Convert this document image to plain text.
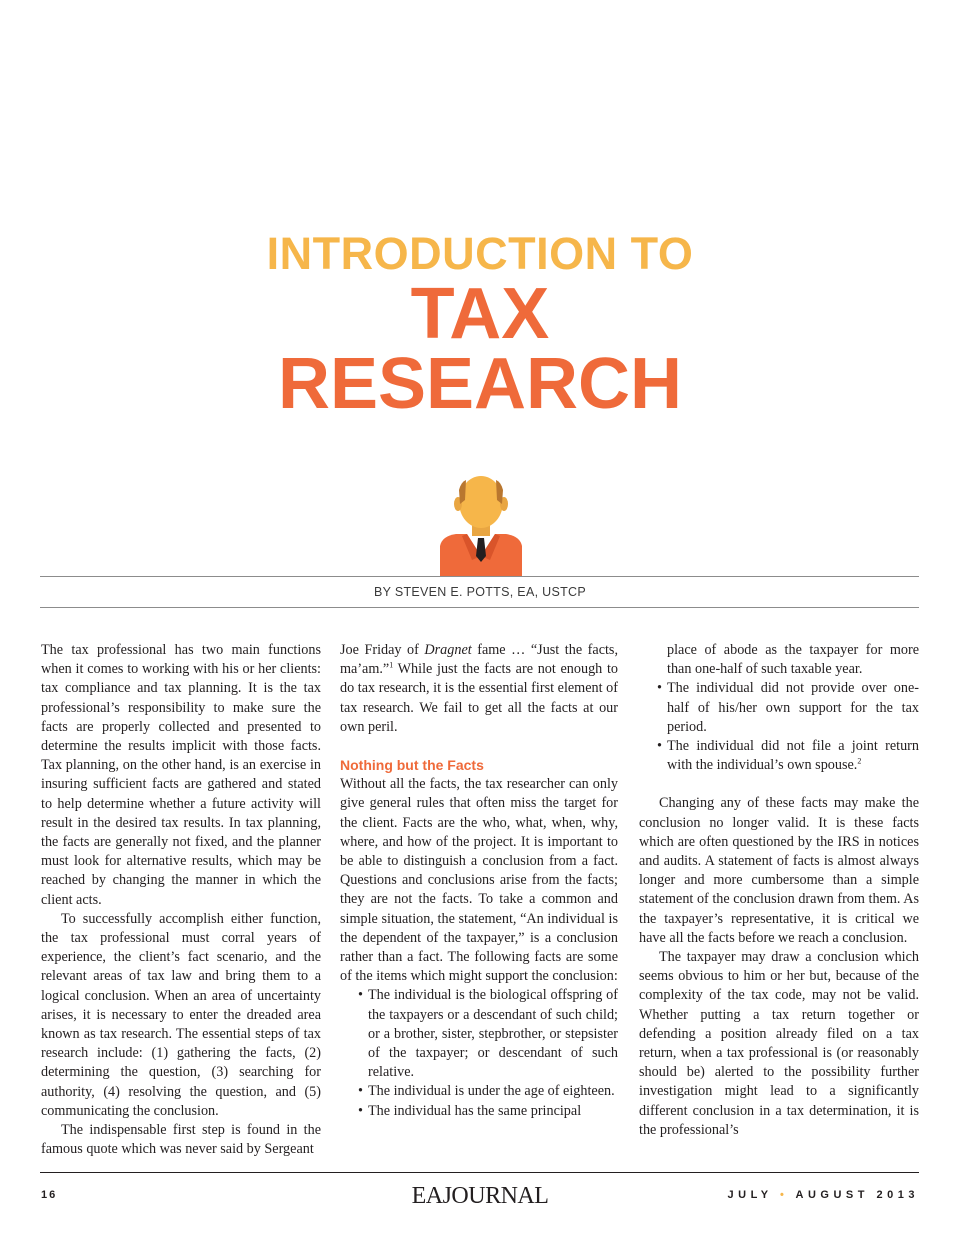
INTRODUCTION TO
TAX
RESEARCH
BY STEVEN E. POTTS, EA, USTCP

The tax professional has two main functions when it comes to working with his or her clients: tax compliance and tax planning. It is the tax professional’s responsibility to make sure the facts are properly collected and presented to determine the results implicit with those facts. Tax planning, on the other hand, is an exercise in insuring sufficient facts are gathered and stated to help determine whether a future activity will result in the desired tax results. In tax planning, the facts are generally not fixed, and the planner must look for alternative results, which may be reached by changing the manner in which the client acts.

To successfully accomplish either function, the tax professional must corral years of experience, the client’s fact scenario, and the relevant areas of tax law and bring them to a logical conclusion. When an area of uncertainty arises, it is necessary to enter the dreaded area known as tax research. The essential steps of tax research include: (1) gathering the facts, (2) determining the question, (3) searching for authority, (4) resolving the question, and (5) communicating the conclusion.

The indispensable first step is found in the famous quote which was never said by Sergeant

Joe Friday of Dragnet fame … “Just the facts, ma’am.”$^1$ While just the facts are not enough to do tax research, it is the essential first element of tax research. We fail to get all the facts at our own peril.

Nothing but the Facts

Without all the facts, the tax researcher can only give general rules that often miss the target for the client. Facts are the who, what, when, why, where, and how of the project. It is important to be able to distinguish a conclusion from a fact. Questions and conclusions arise from the facts; they are not the facts. To take a common and simple situation, the statement, “An individual is the dependent of the taxpayer,” is a conclusion rather than a fact. The following facts are some of the items which might support the conclusion:

• The individual is the biological offspring of the taxpayers or a descendant of such child; or a brother, sister, stepbrother, or stepsister of the taxpayer; or descendant of such relative.
• The individual is under the age of eighteen.
• The individual has the same principal

place of abode as the taxpayer for more than one-half of such taxable year.

• The individual did not provide over one-half of his/her own support for the tax period.
• The individual did not file a joint return with the individual’s own spouse.$^2$

Changing any of these facts may make the conclusion no longer valid. It is these facts which are often questioned by the IRS in notices and audits. A statement of facts is almost always longer and more cumbersome than a simple statement of the conclusion drawn from them. As the taxpayer’s representative, it is critical we have all the facts before we reach a conclusion.

The taxpayer may draw a conclusion which seems obvious to him or her but, because of the complexity of the tax code, may not be valid. Whether putting a tax return together or defending a position already filed on a tax return, when a tax professional is (or reasonably should be) alerted to the possibility further investigation might lead to a significantly different conclusion in a tax determination, it is the professional’s

16	EAJOURNAL	JULY • AUGUST 2013
